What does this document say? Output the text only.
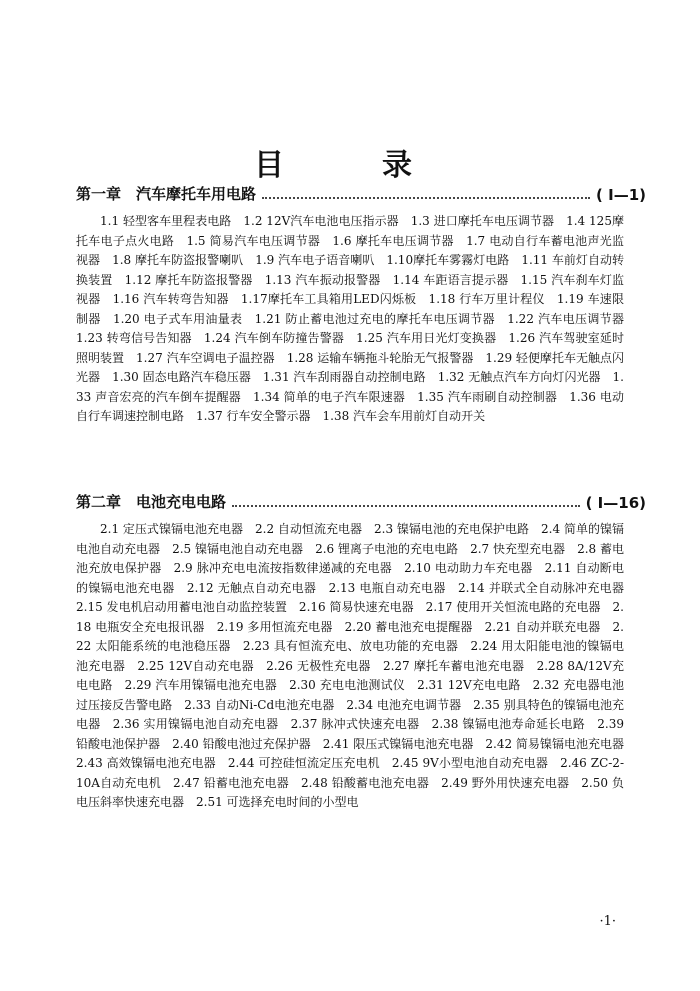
目　录
第一章　汽车摩托车用电路	( Ⅰ—1)

1.1 轻型客车里程表电路　1.2 12V汽车电池电压指示器　1.3 进口摩托车电压调节器　1.4 125摩托车电子点火电路　1.5 简易汽车电压调节器　1.6 摩托车电压调节器　1.7 电动自行车蓄电池声光监视器　1.8 摩托车防盗报警喇叭　1.9 汽车电子语音喇叭　1.10摩托车雾霧灯电路　1.11 车前灯自动转换装置　1.12 摩托车防盗报警器　1.13 汽车振动报警器　1.14 车距语言提示器　1.15 汽车刹车灯监视器　1.16 汽车转弯告知器　1.17摩托车工具箱用LED闪烁板　1.18 行车万里计程仪　1.19 车速限制器　1.20 电子式车用油量表　1.21 防止蓄电池过充电的摩托车电压调节器　1.22 汽车电压调节器　1.23 转弯信号告知器　1.24 汽车倒车防撞告警器　1.25 汽车用日光灯变换器　1.26 汽车驾驶室延时照明装置　1.27 汽车空调电子温控器　1.28 运输车辆拖斗轮胎无气报警器　1.29 轻便摩托车无触点闪光器　1.30 固态电路汽车稳压器　1.31 汽车刮雨器自动控制电路　1.32 无触点汽车方向灯闪光器　1.33 声音宏亮的汽车倒车提醒器　1.34 简单的电子汽车限速器　1.35 汽车雨刷自动控制器　1.36 电动自行车调速控制电路　1.37 行车安全警示器　1.38 汽车会车用前灯自动开关

第二章　电池充电电路	( Ⅰ—16)

2.1 定压式镍镉电池充电器　2.2 自动恒流充电器　2.3 镍镉电池的充电保护电路　2.4 简单的镍镉电池自动充电器　2.5 镍镉电池自动充电器　2.6 锂离子电池的充电电路　2.7 快充型充电器　2.8 蓄电池充放电保护器　2.9 脉冲充电电流按指数律递减的充电器　2.10 电动助力车充电器　2.11 自动断电的镍镉电池充电器　2.12 无触点自动充电器　2.13 电瓶自动充电器　2.14 并联式全自动脉冲充电器　2.15 发电机启动用蓄电池自动监控装置　2.16 简易快速充电器　2.17 使用开关恒流电路的充电器　2.18 电瓶安全充电报讯器　2.19 多用恒流充电器　2.20 蓄电池充电提醒器　2.21 自动并联充电器　2.22 太阳能系统的电池稳压器　2.23 具有恒流充电、放电功能的充电器　2.24 用太阳能电池的镍镉电池充电器　2.25 12V自动充电器　2.26 无极性充电器　2.27 摩托车蓄电池充电器　2.28 8A/12V充电电路　2.29 汽车用镍镉电池充电器　2.30 充电电池测试仪　2.31 12V充电电路　2.32 充电器电池过压接反告警电路　2.33 自动Ni-Cd电池充电器　2.34 电池充电调节器　2.35 别具特色的镍镉电池充电器　2.36 实用镍镉电池自动充电器　2.37 脉冲式快速充电器　2.38 镍镉电池寿命延长电路　2.39 铅酸电池保护器　2.40 铅酸电池过充保护器　2.41 限压式镍镉电池充电器　2.42 简易镍镉电池充电器　2.43 高效镍镉电池充电器　2.44 可控硅恒流定压充电机　2.45 9V小型电池自动充电器　2.46 ZC-2-10A自动充电机　2.47 铅蓄电池充电器　2.48 铅酸蓄电池充电器　2.49 野外用快速充电器　2.50 负电压斜率快速充电器　2.51 可选择充电时间的小型电

·1·
